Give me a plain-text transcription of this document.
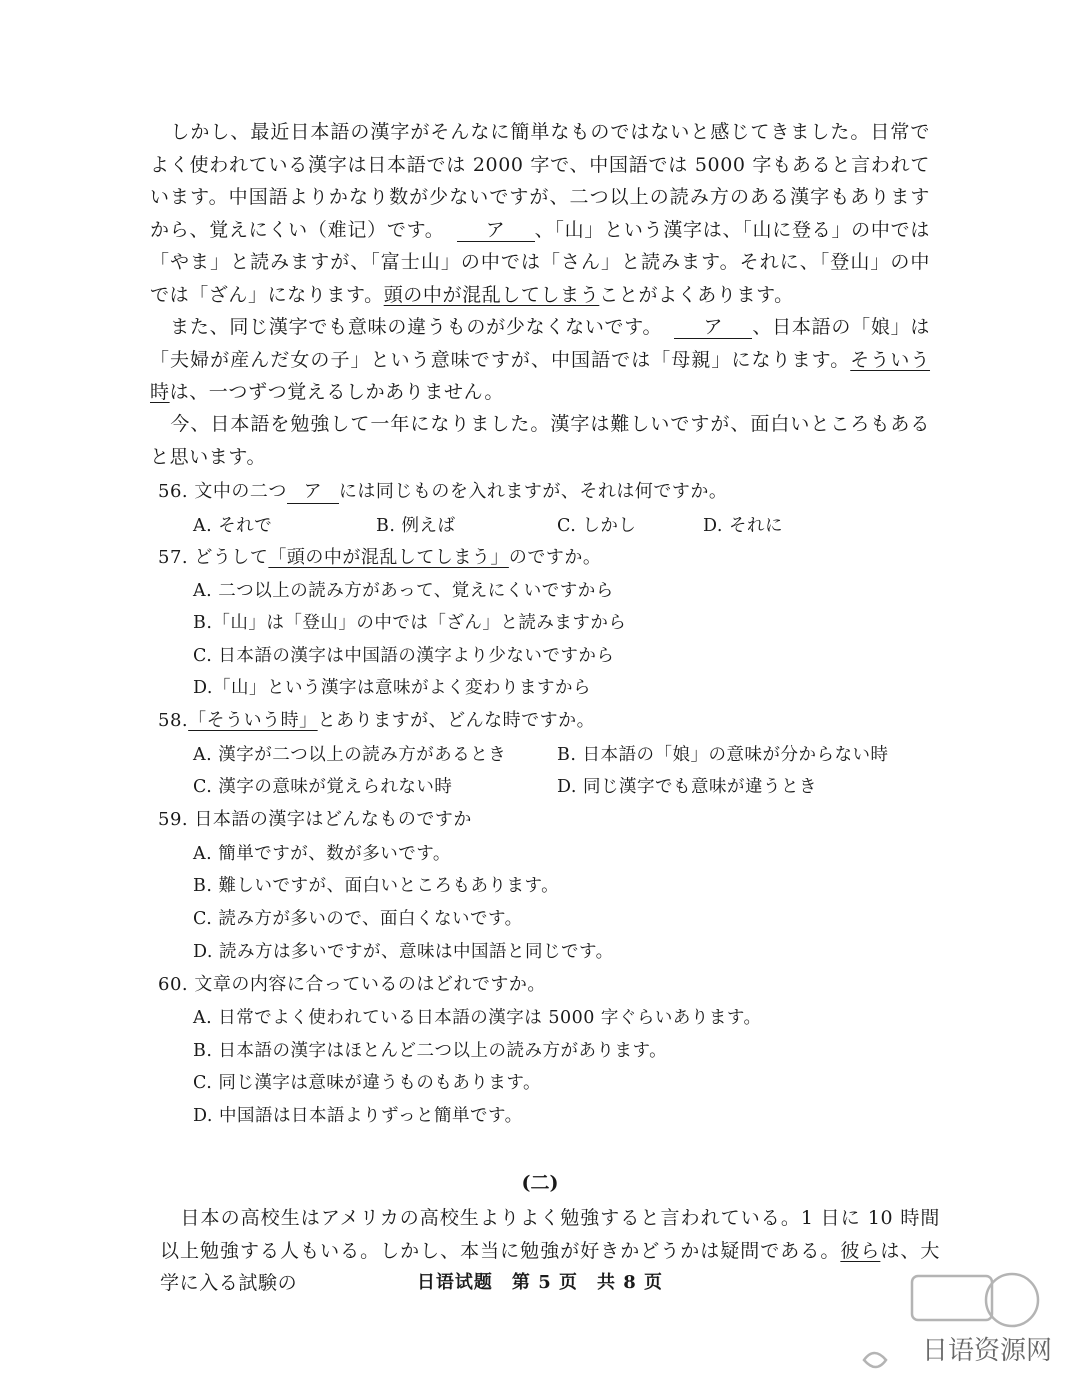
しかし、最近日本語の漢字がそんなに簡単なものではないと感じてきました。日常でよく使われている漢字は日本語では 2000 字で、中国語では 5000 字もあると言われています。中国語よりかなり数が少ないですが、二つ以上の読み方のある漢字もありますから、覚えにくい（难记）です。 ア 、「山」という漢字は、「山に登る」の中では「やま」と読みますが、「富士山」の中では「さん」と読みます。それに、「登山」の中では「ざん」になります。頭の中が混乱してしまうことがよくあります。

また、同じ漢字でも意味の違うものが少なくないです。 ア 、日本語の「娘」は「夫婦が産んだ女の子」という意味ですが、中国語では「母親」になります。そういう時は、一つずつ覚えるしかありません。

今、日本語を勉強して一年になりました。漢字は難しいですが、面白いところもあると思います。

56. 文中の二つ ア には同じものを入れますが、それは何ですか。
A. それで	B. 例えば	C. しかし	D. それに
57. どうして「頭の中が混乱してしまう」のですか。
A. 二つ以上の読み方があって、覚えにくいですから
B.「山」は「登山」の中では「ざん」と読みますから
C. 日本語の漢字は中国語の漢字より少ないですから
D.「山」という漢字は意味がよく変わりますから
58.「そういう時」とありますが、どんな時ですか。
A. 漢字が二つ以上の読み方があるとき	B. 日本語の「娘」の意味が分からない時
C. 漢字の意味が覚えられない時	D. 同じ漢字でも意味が違うとき
59. 日本語の漢字はどんなものですか
A. 簡単ですが、数が多いです。
B. 難しいですが、面白いところもあります。
C. 読み方が多いので、面白くないです。
D. 読み方は多いですが、意味は中国語と同じです。
60. 文章の内容に合っているのはどれですか。
A. 日常でよく使われている日本語の漢字は 5000 字ぐらいあります。
B. 日本語の漢字はほとんど二つ以上の読み方があります。
C. 同じ漢字は意味が違うものもあります。
D. 中国語は日本語よりずっと簡単です。
(二)

日本の高校生はアメリカの高校生よりよく勉強すると言われている。1 日に 10 時間以上勉強する人もいる。しかし、本当に勉強が好きかどうかは疑問である。彼らは、大学に入る試験の	日语试题　第 5 页　共 8 页
日语资源网
